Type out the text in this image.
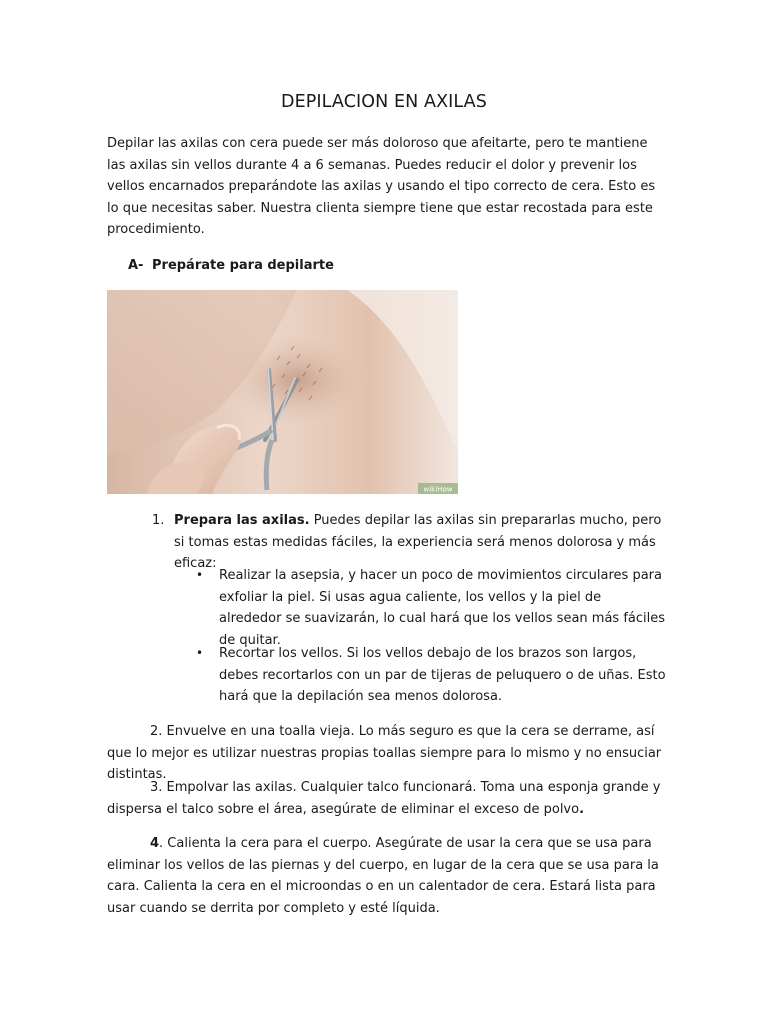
DEPILACION EN AXILAS

Depilar las axilas con cera puede ser más doloroso que afeitarte, pero te mantiene las axilas sin vellos durante 4 a 6 semanas. Puedes reducir el dolor y prevenir los vellos encarnados preparándote las axilas y usando el tipo correcto de cera. Esto es lo que necesitas saber. Nuestra clienta siempre tiene que estar recostada para este procedimiento.

A- Prepárate para depilarte
wikiHow
1. Prepara las axilas. Puedes depilar las axilas sin prepararlas mucho, pero si tomas estas medidas fáciles, la experiencia será menos dolorosa y más eficaz:
• Realizar la asepsia, y hacer un poco de movimientos circulares para exfoliar la piel. Si usas agua caliente, los vellos y la piel de alrededor se suavizarán, lo cual hará que los vellos sean más fáciles de quitar.
• Recortar los vellos. Si los vellos debajo de los brazos son largos, debes recortarlos con un par de tijeras de peluquero o de uñas. Esto hará que la depilación sea menos dolorosa.

2. Envuelve en una toalla vieja. Lo más seguro es que la cera se derrame, así que lo mejor es utilizar nuestras propias toallas siempre para lo mismo y no ensuciar distintas.

3. Empolvar las axilas. Cualquier talco funcionará. Toma una esponja grande y dispersa el talco sobre el área, asegúrate de eliminar el exceso de polvo.

4. Calienta la cera para el cuerpo. Asegúrate de usar la cera que se usa para eliminar los vellos de las piernas y del cuerpo, en lugar de la cera que se usa para la cara. Calienta la cera en el microondas o en un calentador de cera. Estará lista para usar cuando se derrita por completo y esté líquida.
